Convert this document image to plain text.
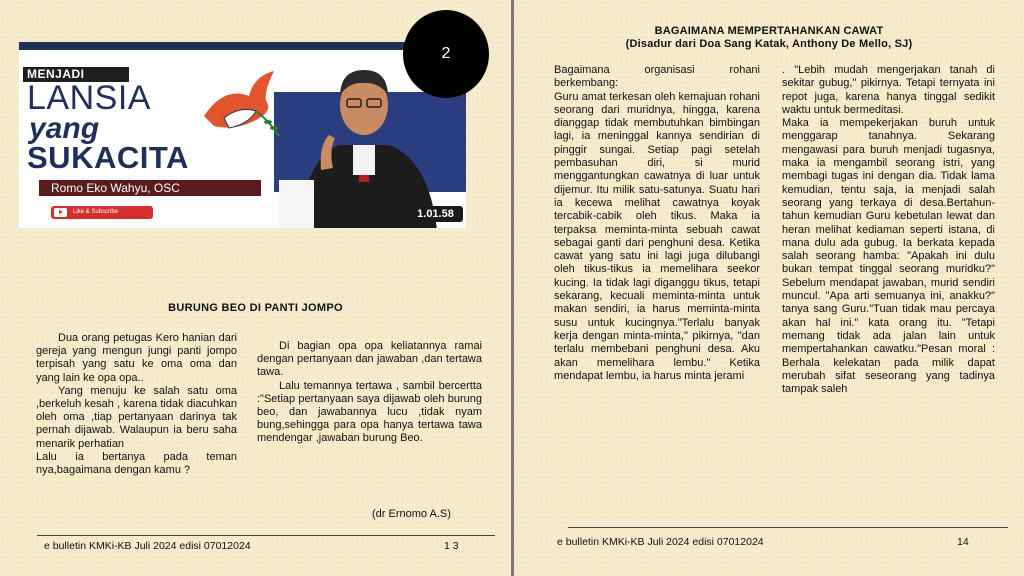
MENJADI
LANSIA
yang
SUKACITA
Romo Eko Wahyu, OSC
Like & Subscribe	1.01.58
2
BURUNG BEO DI PANTI JOMPO

Dua orang petugas Kero hanian dari gereja yang mengun jungi panti jompo terpisah yang satu ke oma oma dan yang lain ke opa opa..

Yang menuju ke salah satu oma ,berkeluh kesah , karena tidak diacuhkan oleh oma ,tiap pertanyaan darinya tak pernah dijawab. Walaupun ia beru saha menarik perhatian

Lalu ia bertanya pada teman nya,bagaimana dengan kamu ?

Di bagian opa opa keliatannya ramai dengan pertanyaan dan jawaban ,dan tertawa tawa.

Lalu temannya tertawa , sambil bercertta :"Setiap pertanyaan saya dijawab oleh burung beo, dan jawabannya lucu ,tidak nyam bung,sehingga para opa hanya tertawa tawa mendengar ,jawaban burung Beo.

(dr Ernomo A.S)
e bulletin KMKi-KB Juli 2024 edisi 07012024	1 3
BAGAIMANA MEMPERTAHANKAN CAWAT
(Disadur dari Doa Sang Katak, Anthony De Mello, SJ)

Bagaimana organisasi rohani berkembang:

Guru amat terkesan oleh kemajuan rohani seorang dari muridnya, hingga, karena dianggap tidak membutuhkan bimbingan lagi, ia meninggal kannya sendirian di pinggir sungai. Setiap pagi setelah pembasuhan diri, si murid menggantungkan cawatnya di luar untuk dijemur. Itu milik satu-satunya. Suatu hari ia kecewa melihat cawatnya koyak tercabik-cabik oleh tikus. Maka ia terpaksa meminta-minta sebuah cawat sebagai ganti dari penghuni desa. Ketika cawat yang satu ini lagi juga dilubangi oleh tikus-tikus ia memelihara seekor kucing. Ia tidak lagi diganggu tikus, tetapi sekarang, kecuali meminta-minta untuk makan sendiri, ia harus meminta-minta susu untuk kucingnya."Terlalu banyak kerja dengan minta-minta," pikirnya, "dan terlalu membebani penghuni desa. Aku akan memelihara lembu." Ketika mendapat lembu, ia harus minta jerami

. "Lebih mudah mengerjakan tanah di sekitar gubug," pikirnya. Tetapi ternyata ini repot juga, karena hanya tinggal sedikit waktu untuk bermeditasi.

Maka ia mempekerjakan buruh untuk menggarap tanahnya. Sekarang mengawasi para buruh menjadi tugasnya, maka ia mengambil seorang istri, yang membagi tugas ini dengan dia. Tidak lama kemudian, tentu saja, ia menjadi salah seorang yang terkaya di desa.Bertahun-tahun kemudian Guru kebetulan lewat dan heran melihat kediaman seperti istana, di mana dulu ada gubug. Ia berkata kepada salah seorang hamba: "Apakah ini dulu bukan tempat tinggal seorang muridku?" Sebelum mendapat jawaban, murid sendiri muncul. "Apa arti semuanya ini, anakku?" tanya sang Guru."Tuan tidak mau percaya akan hal ini." kata orang itu. "Tetapi memang tidak ada jalan lain untuk mempertahankan cawatku."Pesan moral : Berhala kelekatan pada milik dapat merubah sifat seseorang yang tadinya tampak saleh

e bulletin KMKi-KB Juli 2024 edisi 07012024	14
